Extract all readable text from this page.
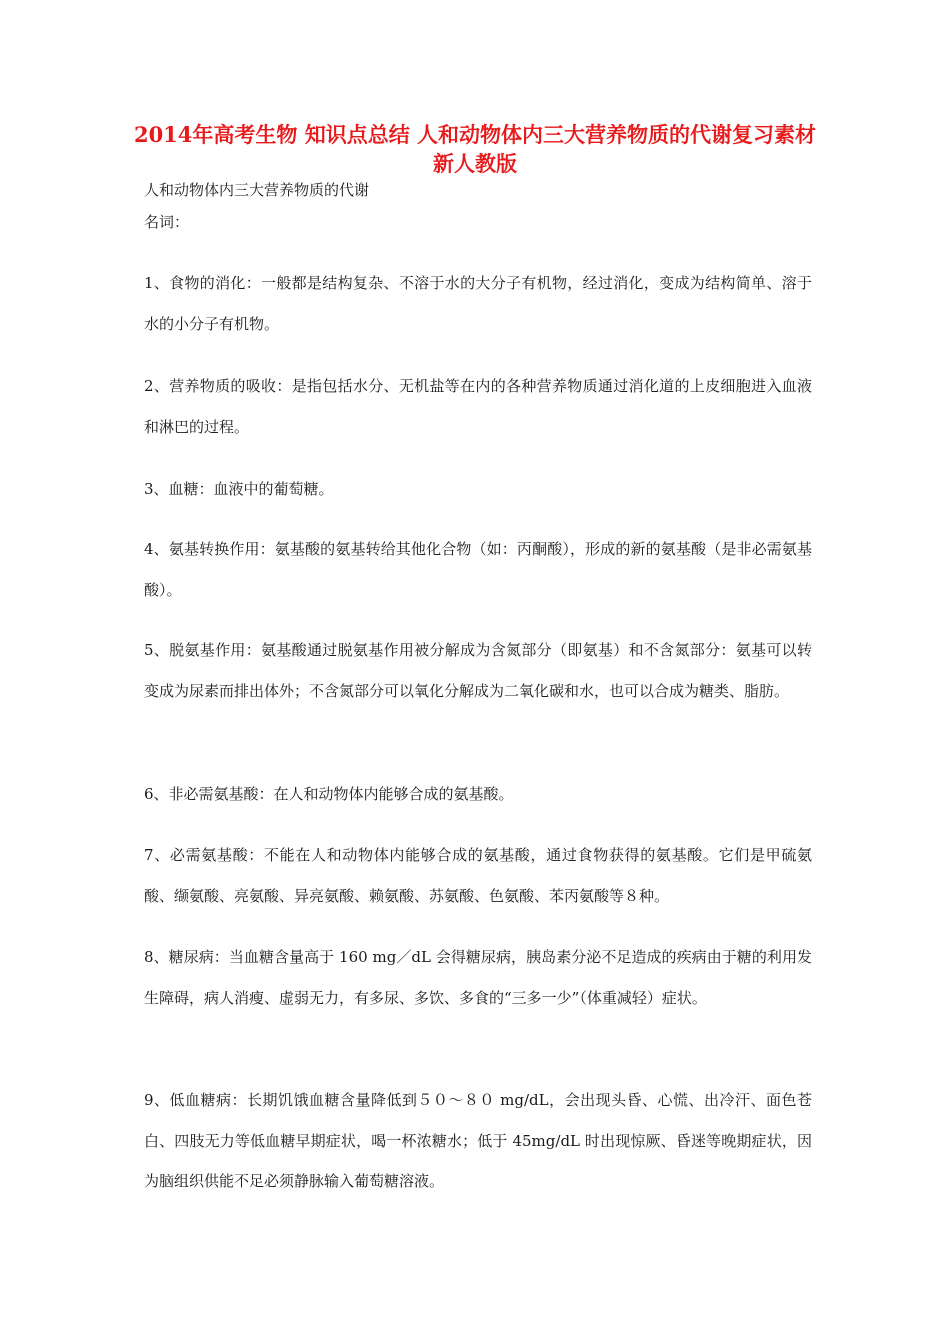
2014年高考生物 知识点总结 人和动物体内三大营养物质的代谢复习素材 新人教版

人和动物体内三大营养物质的代谢

名词：

1、食物的消化：一般都是结构复杂、不溶于水的大分子有机物，经过消化，变成为结构简单、溶于水的小分子有机物。

2、营养物质的吸收：是指包括水分、无机盐等在内的各种营养物质通过消化道的上皮细胞进入血液和淋巴的过程。

3、血糖：血液中的葡萄糖。

4、氨基转换作用：氨基酸的氨基转给其他化合物（如：丙酮酸），形成的新的氨基酸（是非必需氨基酸）。

5、脱氨基作用：氨基酸通过脱氨基作用被分解成为含氮部分（即氨基）和不含氮部分：氨基可以转变成为尿素而排出体外；不含氮部分可以氧化分解成为二氧化碳和水，也可以合成为糖类、脂肪。

6、非必需氨基酸：在人和动物体内能够合成的氨基酸。

7、必需氨基酸：不能在人和动物体内能够合成的氨基酸，通过食物获得的氨基酸。它们是甲硫氨酸、缬氨酸、亮氨酸、异亮氨酸、赖氨酸、苏氨酸、色氨酸、苯丙氨酸等８种。

8、糖尿病：当血糖含量高于 160 mg／dL 会得糖尿病，胰岛素分泌不足造成的疾病由于糖的利用发生障碍，病人消瘦、虚弱无力，有多尿、多饮、多食的“三多一少”（体重减轻）症状。

9、低血糖病：长期饥饿血糖含量降低到５０～８０ mg/dL，会出现头昏、心慌、出冷汗、面色苍白、四肢无力等低血糖早期症状，喝一杯浓糖水；低于 45mg/dL 时出现惊厥、昏迷等晚期症状，因为脑组织供能不足必须静脉输入葡萄糖溶液。
